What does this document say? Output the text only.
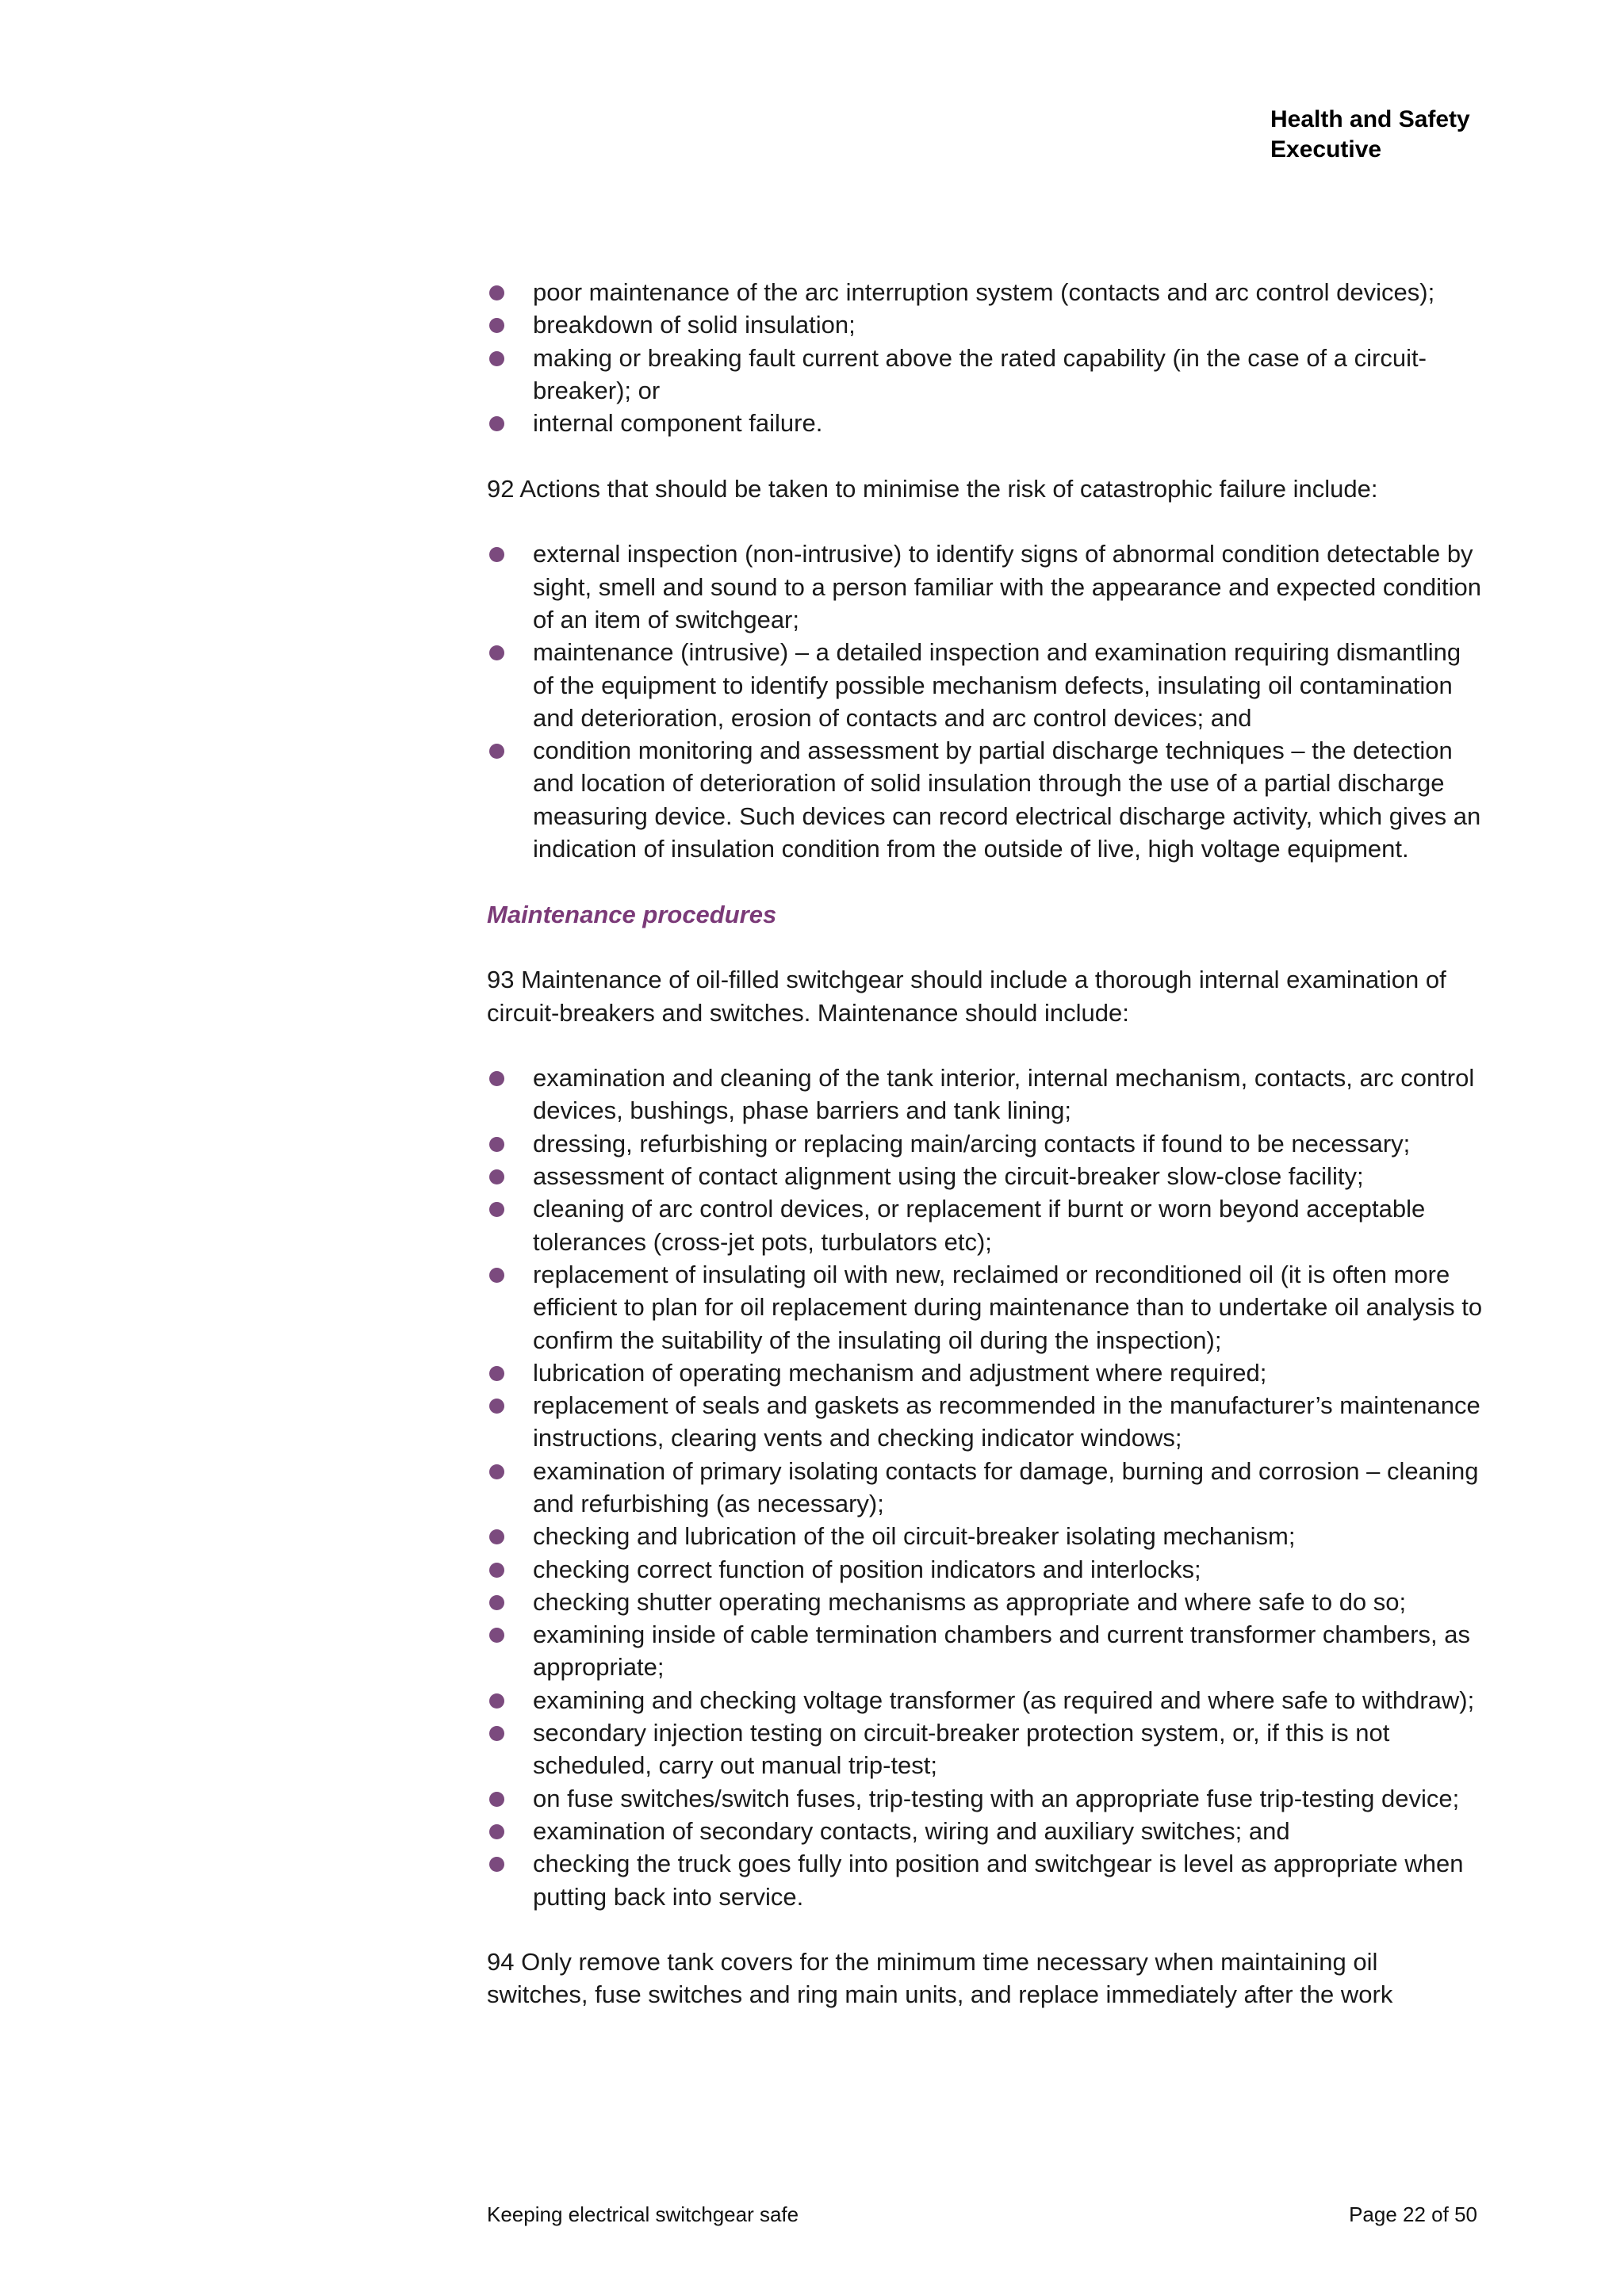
Health and Safety
Executive
poor maintenance of the arc interruption system (contacts and arc control devices);
breakdown of solid insulation;
making or breaking fault current above the rated capability (in the case of a circuit-breaker); or
internal component failure.

92 Actions that should be taken to minimise the risk of catastrophic failure include:

external inspection (non-intrusive) to identify signs of abnormal condition detectable by sight, smell and sound to a person familiar with the appearance and expected condition of an item of switchgear;
maintenance (intrusive) – a detailed inspection and examination requiring dismantling of the equipment to identify possible mechanism defects, insulating oil contamination and deterioration, erosion of contacts and arc control devices; and
condition monitoring and assessment by partial discharge techniques – the detection and location of deterioration of solid insulation through the use of a partial discharge measuring device. Such devices can record electrical discharge activity, which gives an indication of insulation condition from the outside of live, high voltage equipment.
Maintenance procedures

93 Maintenance of oil-filled switchgear should include a thorough internal examination of circuit-breakers and switches. Maintenance should include:

examination and cleaning of the tank interior, internal mechanism, contacts, arc control devices, bushings, phase barriers and tank lining;
dressing, refurbishing or replacing main/arcing contacts if found to be necessary;
assessment of contact alignment using the circuit-breaker slow-close facility;
cleaning of arc control devices, or replacement if burnt or worn beyond acceptable tolerances (cross-jet pots, turbulators etc);
replacement of insulating oil with new, reclaimed or reconditioned oil (it is often more efficient to plan for oil replacement during maintenance than to undertake oil analysis to confirm the suitability of the insulating oil during the inspection);
lubrication of operating mechanism and adjustment where required;
replacement of seals and gaskets as recommended in the manufacturer’s maintenance instructions, clearing vents and checking indicator windows;
examination of primary isolating contacts for damage, burning and corrosion – cleaning and refurbishing (as necessary);
checking and lubrication of the oil circuit-breaker isolating mechanism;
checking correct function of position indicators and interlocks;
checking shutter operating mechanisms as appropriate and where safe to do so;
examining inside of cable termination chambers and current transformer chambers, as appropriate;
examining and checking voltage transformer (as required and where safe to withdraw);
secondary injection testing on circuit-breaker protection system, or, if this is not scheduled, carry out manual trip-test;
on fuse switches/switch fuses, trip-testing with an appropriate fuse trip-testing device;
examination of secondary contacts, wiring and auxiliary switches; and
checking the truck goes fully into position and switchgear is level as appropriate when putting back into service.

94 Only remove tank covers for the minimum time necessary when maintaining oil switches, fuse switches and ring main units, and replace immediately after the work

Keeping electrical switchgear safe	Page 22 of 50
